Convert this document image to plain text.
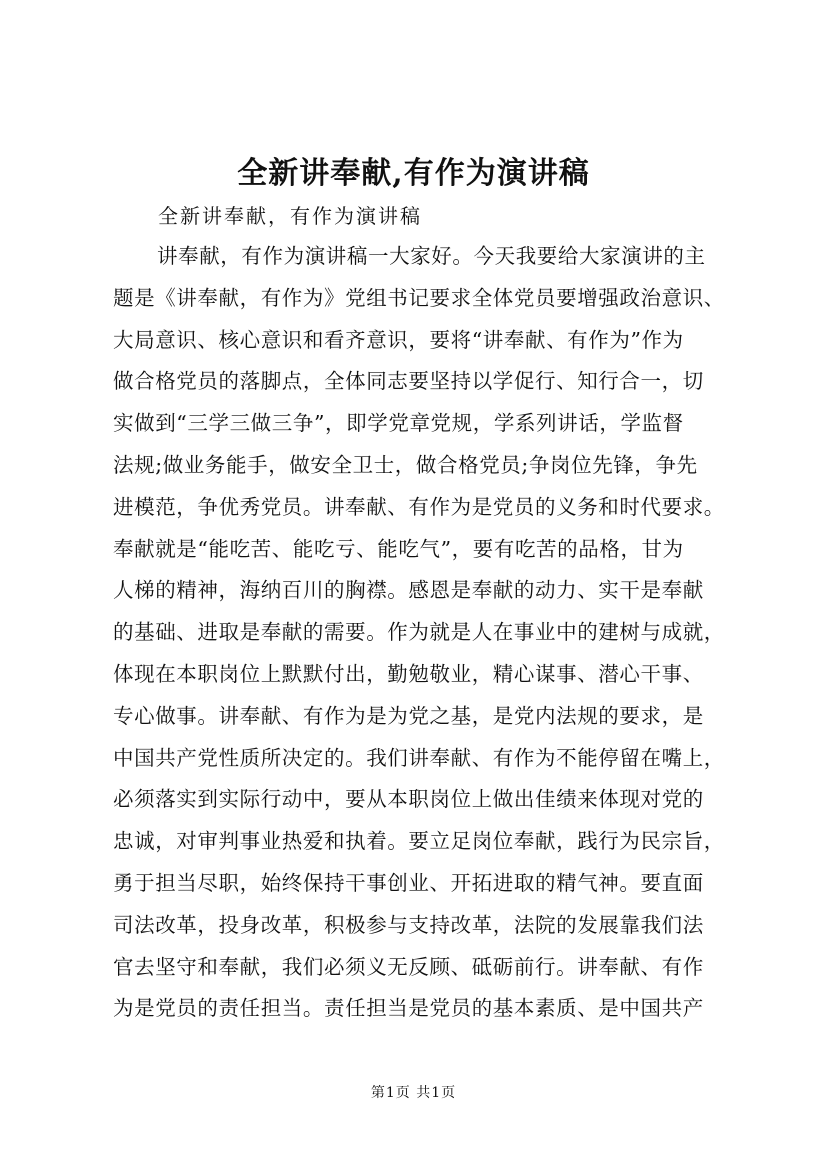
全新讲奉献,有作为演讲稿
全新讲奉献，有作为演讲稿
讲奉献，有作为演讲稿一大家好。今天我要给大家演讲的主
题是《讲奉献，有作为》党组书记要求全体党员要增强政治意识、
大局意识、核心意识和看齐意识，要将“讲奉献、有作为”作为
做合格党员的落脚点，全体同志要坚持以学促行、知行合一，切
实做到“三学三做三争”，即学党章党规，学系列讲话，学监督
法规;做业务能手，做安全卫士，做合格党员;争岗位先锋，争先
进模范，争优秀党员。讲奉献、有作为是党员的义务和时代要求。
奉献就是“能吃苦、能吃亏、能吃气”，要有吃苦的品格，甘为
人梯的精神，海纳百川的胸襟。感恩是奉献的动力、实干是奉献
的基础、进取是奉献的需要。作为就是人在事业中的建树与成就，
体现在本职岗位上默默付出，勤勉敬业，精心谋事、潜心干事、
专心做事。讲奉献、有作为是为党之基，是党内法规的要求，是
中国共产党性质所决定的。我们讲奉献、有作为不能停留在嘴上，
必须落实到实际行动中，要从本职岗位上做出佳绩来体现对党的
忠诚，对审判事业热爱和执着。要立足岗位奉献，践行为民宗旨，
勇于担当尽职，始终保持干事创业、开拓进取的精气神。要直面
司法改革，投身改革，积极参与支持改革，法院的发展靠我们法
官去坚守和奉献，我们必须义无反顾、砥砺前行。讲奉献、有作
为是党员的责任担当。责任担当是党员的基本素质、是中国共产
第1页 共1页
